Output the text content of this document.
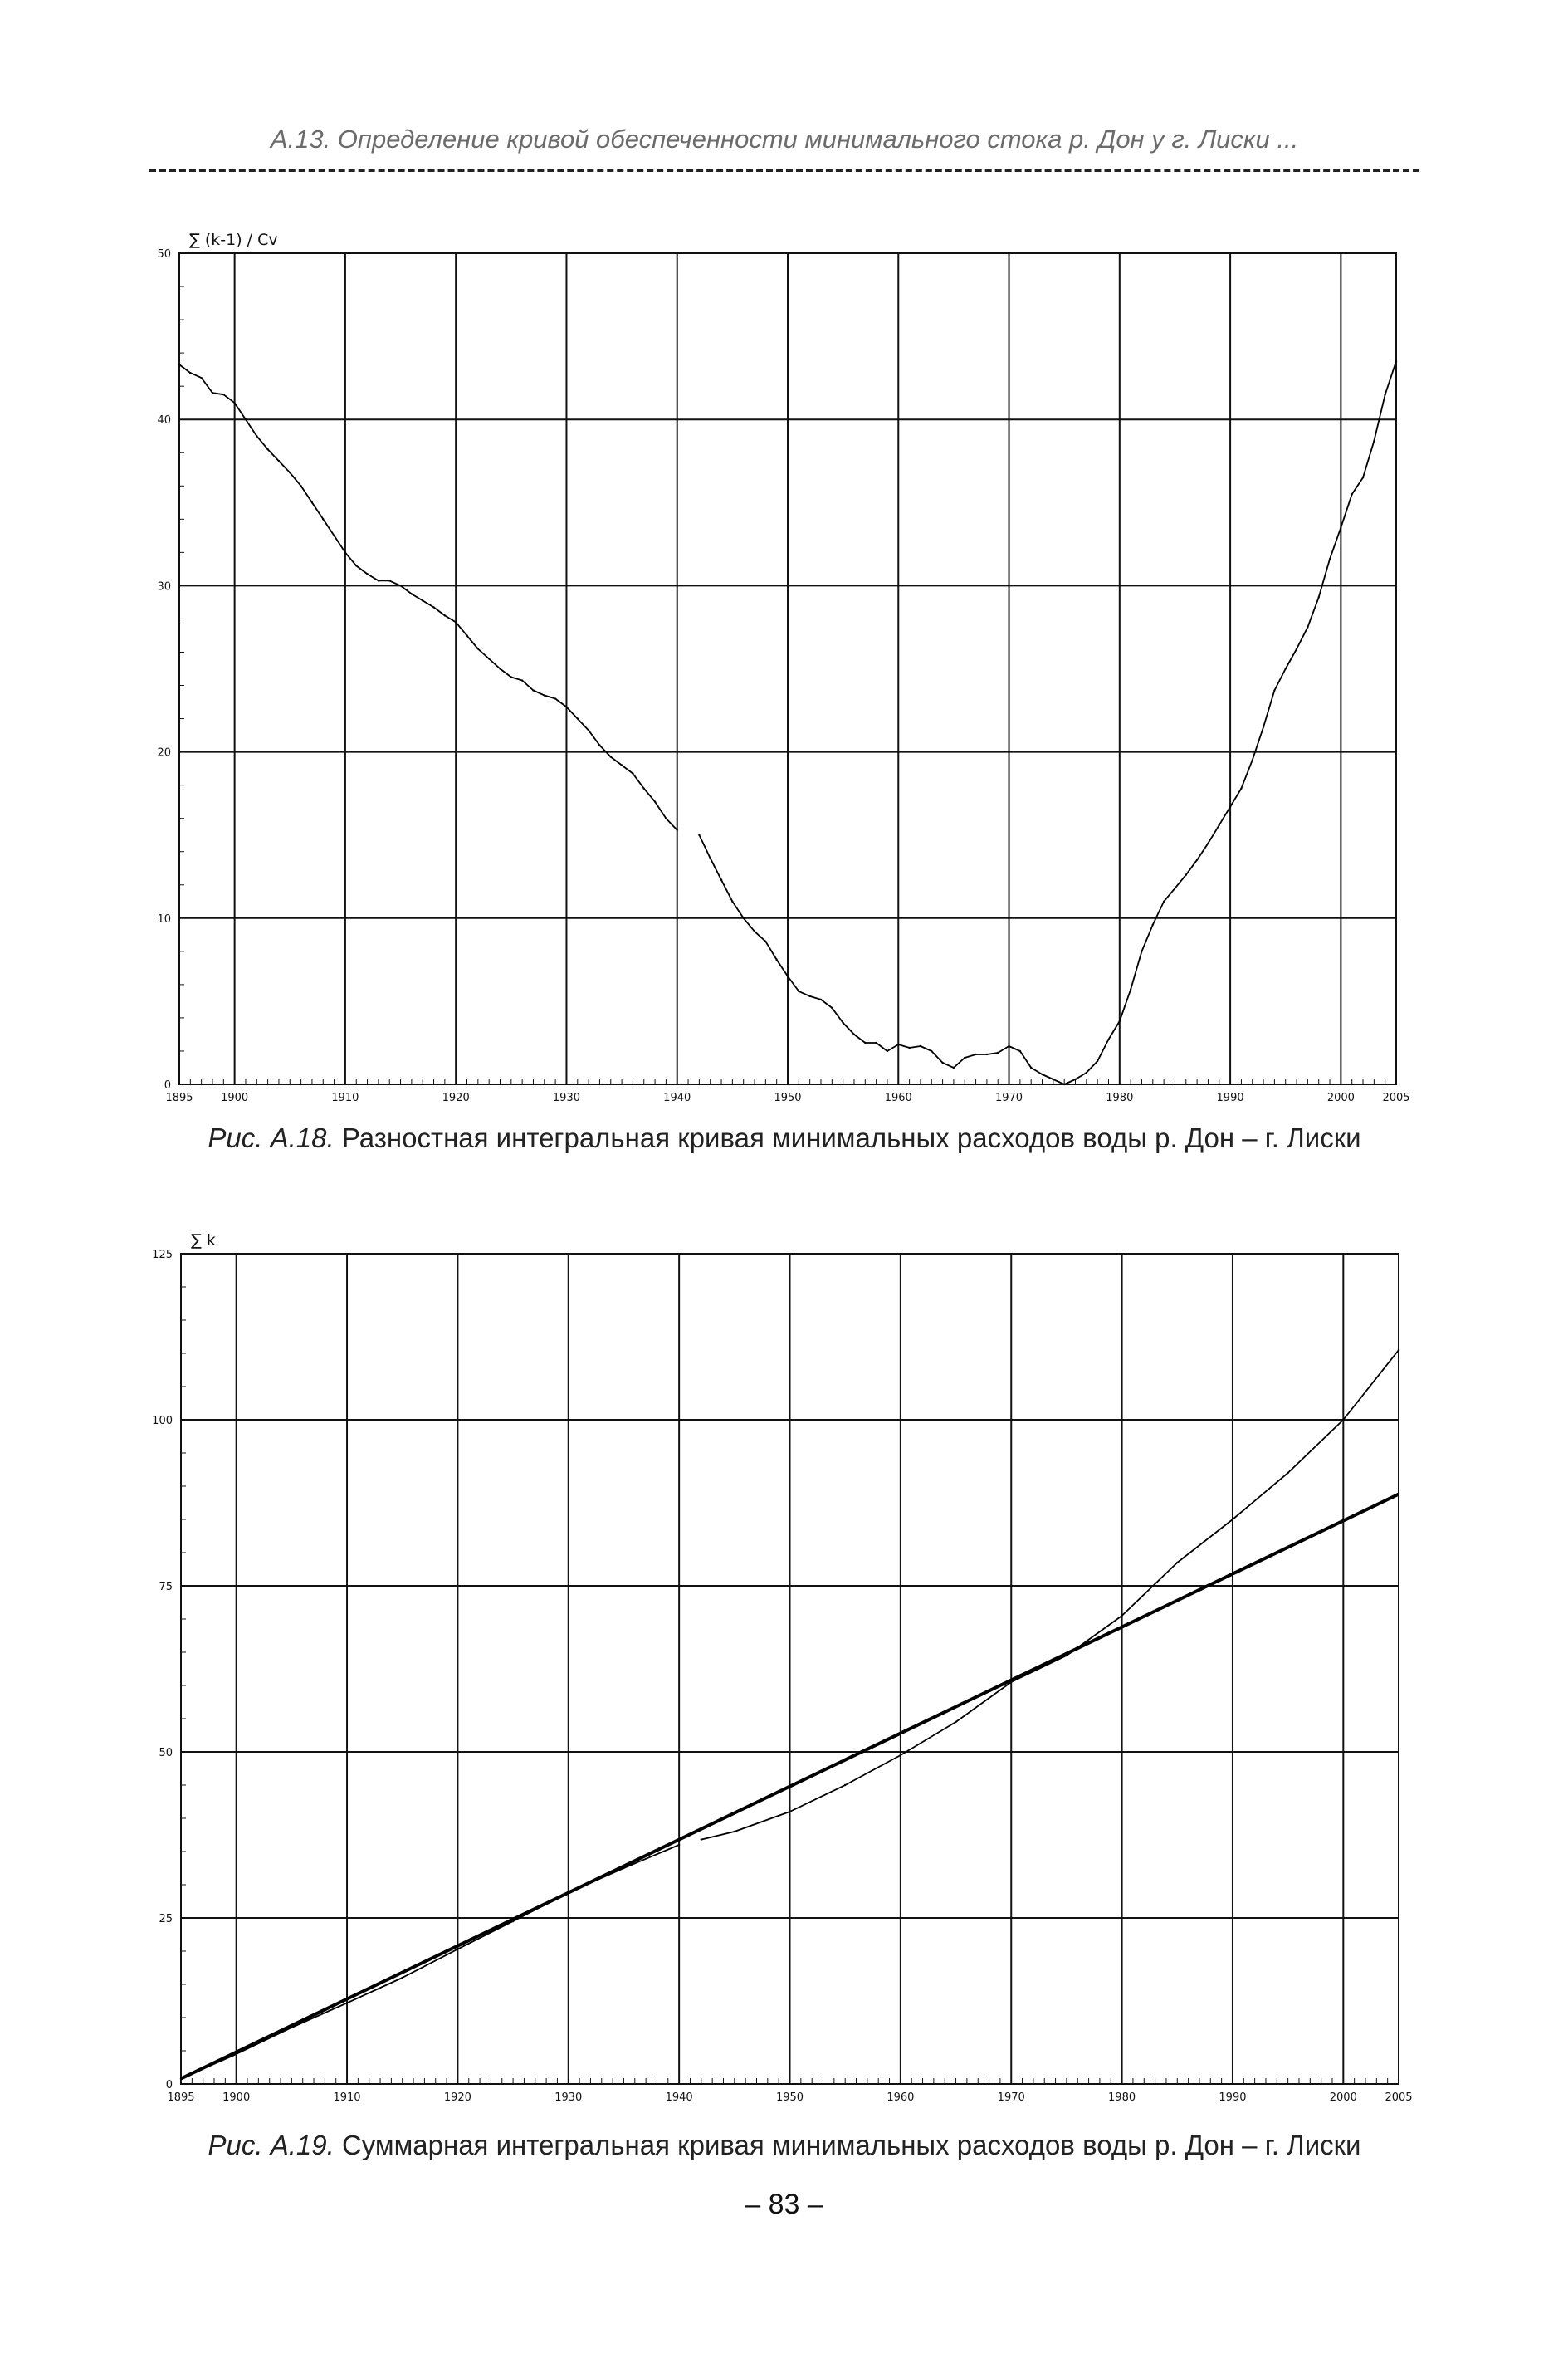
А.13. Определение кривой обеспеченности минимального стока р. Дон у г. Лиски ...
1895	1900	1910	1920	1930	1940	1950	1960	1970	1980	1990	2000	2005
0
10
20
30
40
50
∑ (k-1) / Cv
Рис. А.18. Разностная интегральная кривая минимальных расходов воды р. Дон – г. Лиски
1895	1900	1910	1920	1930	1940	1950	1960	1970	1980	1990	2000	2005
0
25
50
75
100
125
∑ k
Рис. А.19. Суммарная интегральная кривая минимальных расходов воды р. Дон – г. Лиски
– 83 –
